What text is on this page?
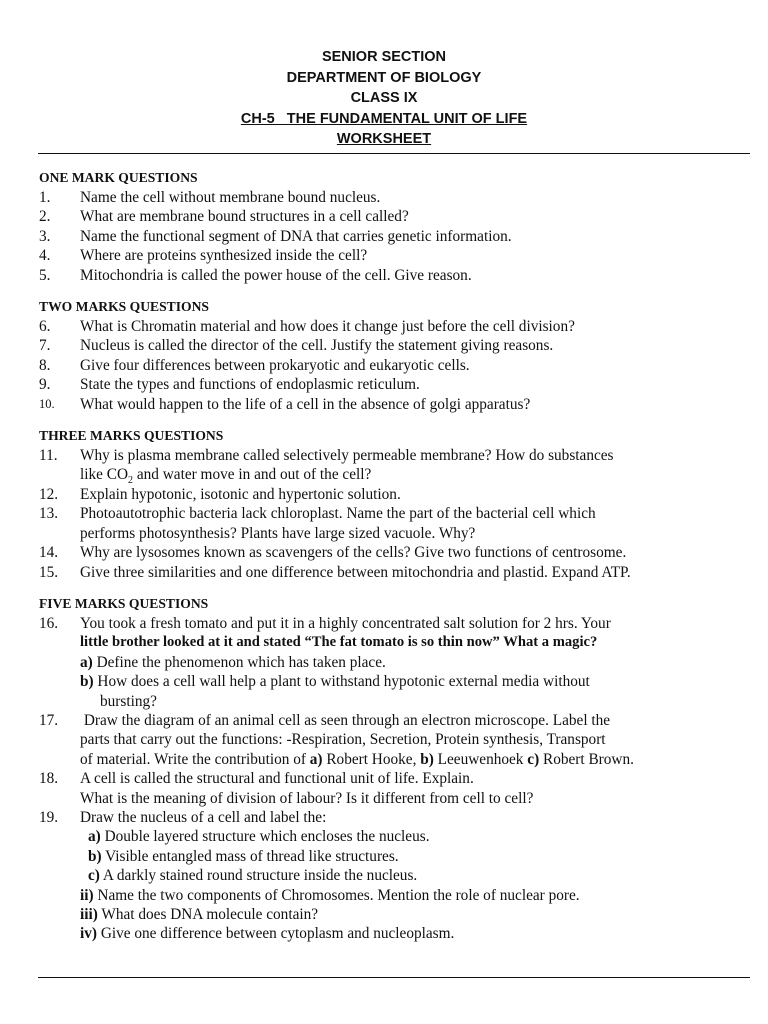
SENIOR SECTION
DEPARTMENT OF BIOLOGY
CLASS IX
CH-5   THE FUNDAMENTAL UNIT OF LIFE
WORKSHEET
ONE MARK QUESTIONS
1.	Name the cell without membrane bound nucleus.
2.	What are membrane bound structures in a cell called?
3.	Name the functional segment of DNA that carries genetic information.
4.	Where are proteins synthesized inside the cell?
5.	Mitochondria is called the power house of the cell. Give reason.
TWO MARKS QUESTIONS
6.	What is Chromatin material and how does it change just before the cell division?
7.	Nucleus is called the director of the cell. Justify the statement giving reasons.
8.	Give four differences between prokaryotic and eukaryotic cells.
9.	State the types and functions of endoplasmic reticulum.
10.	What would happen to the life of a cell in the absence of golgi apparatus?
THREE MARKS QUESTIONS
11.	Why is plasma membrane called selectively permeable membrane? How do substances
like $CO_2$ and water move in and out of the cell?
12.	Explain hypotonic, isotonic and hypertonic solution.
13.	Photoautotrophic bacteria lack chloroplast. Name the part of the bacterial cell which
performs photosynthesis? Plants have large sized vacuole. Why?
14.	Why are lysosomes known as scavengers of the cells? Give two functions of centrosome.
15.	Give three similarities and one difference between mitochondria and plastid. Expand ATP.
FIVE MARKS QUESTIONS
16.	You took a fresh tomato and put it in a highly concentrated salt solution for 2 hrs. Your
little brother looked at it and stated “The fat tomato is so thin now” What a magic?
a) Define the phenomenon which has taken place.
b) How does a cell wall help a plant to withstand hypotonic external media without
bursting?
17.	Draw the diagram of an animal cell as seen through an electron microscope. Label the
parts that carry out the functions: -Respiration, Secretion, Protein synthesis, Transport
of material. Write the contribution of a) Robert Hooke, b) Leeuwenhoek c) Robert Brown.
18.	A cell is called the structural and functional unit of life. Explain.
What is the meaning of division of labour? Is it different from cell to cell?
19.	Draw the nucleus of a cell and label the:
a) Double layered structure which encloses the nucleus.
b) Visible entangled mass of thread like structures.
c) A darkly stained round structure inside the nucleus.
ii) Name the two components of Chromosomes. Mention the role of nuclear pore.
iii) What does DNA molecule contain?
iv) Give one difference between cytoplasm and nucleoplasm.
